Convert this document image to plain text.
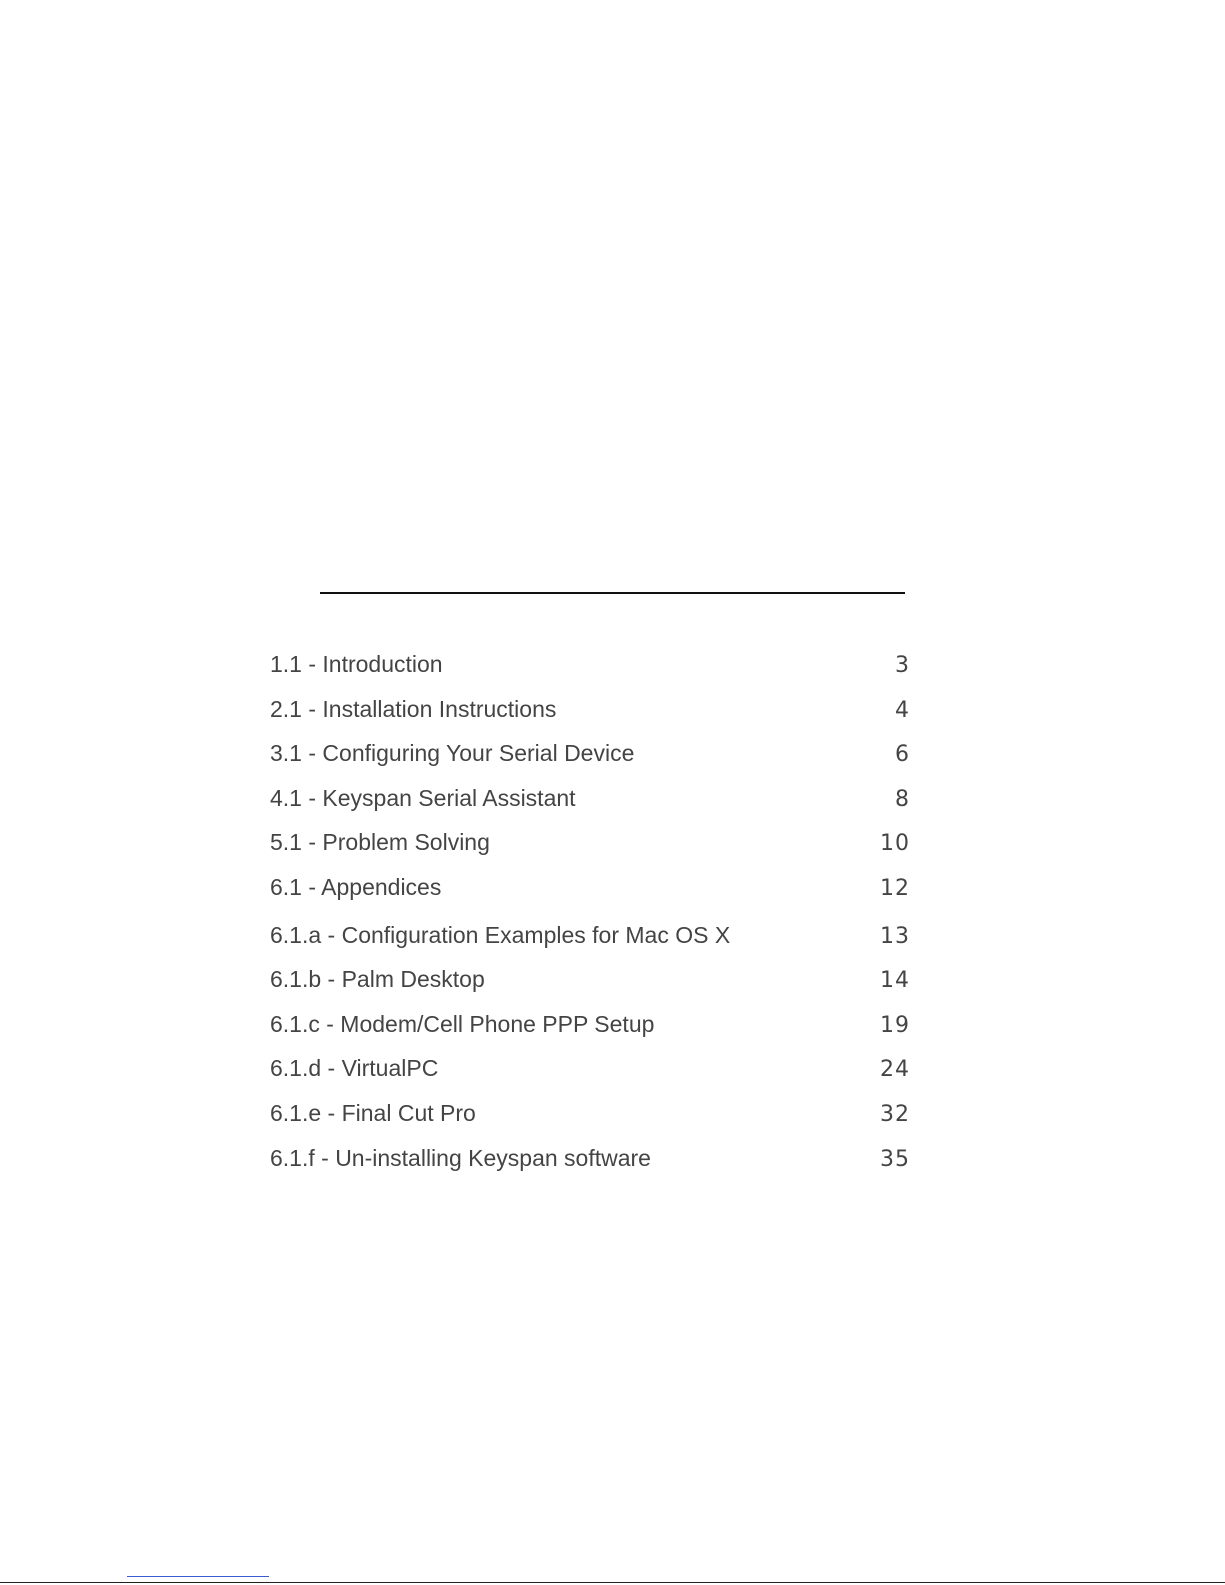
1.1 - Introduction	3
2.1 - Installation Instructions	4
3.1 - Configuring Your Serial Device	6
4.1 - Keyspan Serial Assistant	8
5.1 - Problem Solving	10
6.1 - Appendices	12
6.1.a - Configuration Examples for Mac OS X	13
6.1.b - Palm Desktop	14
6.1.c - Modem/Cell Phone PPP Setup	19
6.1.d - VirtualPC	24
6.1.e - Final Cut Pro	32
6.1.f - Un-installing Keyspan software	35
